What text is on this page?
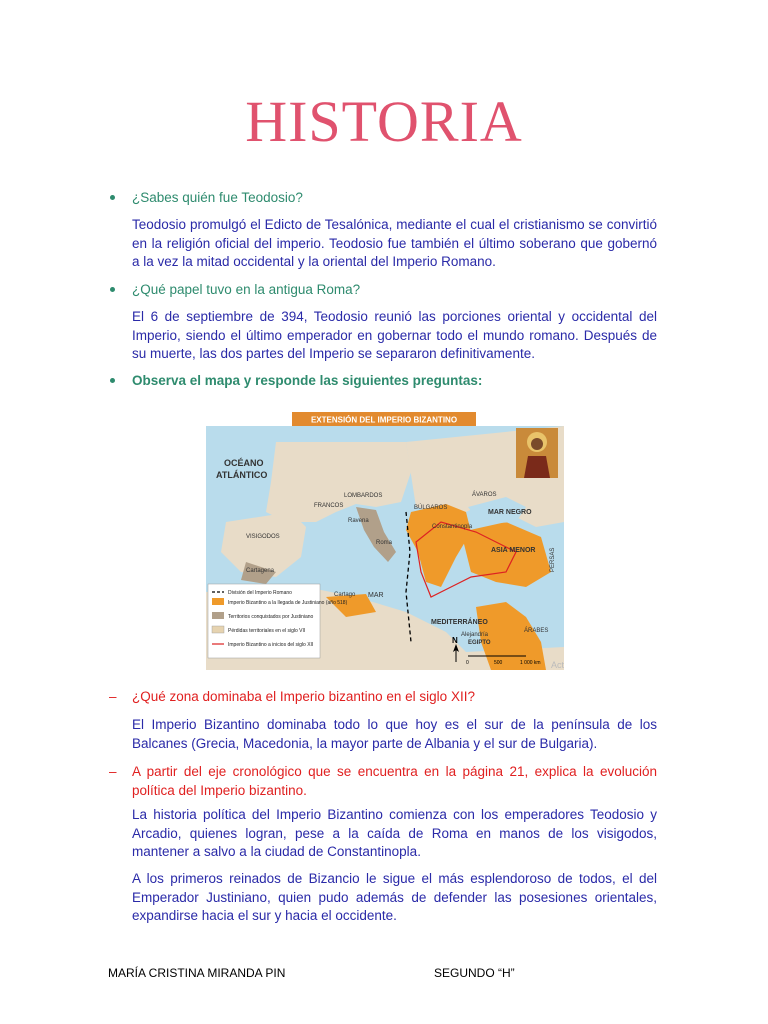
HISTORIA
¿Sabes quién fue Teodosio?

Teodosio promulgó el Edicto de Tesalónica, mediante el cual el cristianismo se convirtió en la religión oficial del imperio. Teodosio fue también el último soberano que gobernó a la vez la mitad occidental y la oriental del Imperio Romano.

¿Qué papel tuvo en la antigua Roma?

El 6 de septiembre de 394, Teodosio reunió las porciones oriental y occidental del Imperio, siendo el último emperador en gobernar todo el mundo romano. Después de su muerte, las dos partes del Imperio se separaron definitivamente.

Observa el mapa y responde las siguientes preguntas:
EXTENSIÓN DEL IMPERIO BIZANTINO
OCÉANO
ATLÁNTICO
FRANCOS
LOMBARDOS	ÁVAROS
BÚLGAROS
VISIGODOS
Ravena
Roma
Cartagena
Constantinopla
MAR NEGRO
ASIA MENOR PERSAS
Cartago MAR
MEDITERRÁNEO
Alejandría
EGIPTO
ÁRABES
N
0	500	1 000 km Act
División del Imperio Romano
Imperio Bizantino a la llegada de Justiniano (año 518)
Territorios conquistados por Justiniano
Pérdidas territoriales en el siglo VII
Imperio Bizantino a inicios del siglo XII
– ¿Qué zona dominaba el Imperio bizantino en el siglo XII?

El Imperio Bizantino dominaba todo lo que hoy es el sur de la península de los Balcanes (Grecia, Macedonia, la mayor parte de Albania y el sur de Bulgaria).

– A partir del eje cronológico que se encuentra en la página 21, explica la evolución política del Imperio bizantino.

La historia política del Imperio Bizantino comienza con los emperadores Teodosio y Arcadio, quienes logran, pese a la caída de Roma en manos de los visigodos, mantener a salvo a la ciudad de Constantinopla.

A los primeros reinados de Bizancio le sigue el más esplendoroso de todos, el del Emperador Justiniano, quien pudo además de defender las posesiones orientales, expandirse hacia el sur y hacia el occidente.

MARÍA CRISTINA MIRANDA PIN	SEGUNDO “H”
